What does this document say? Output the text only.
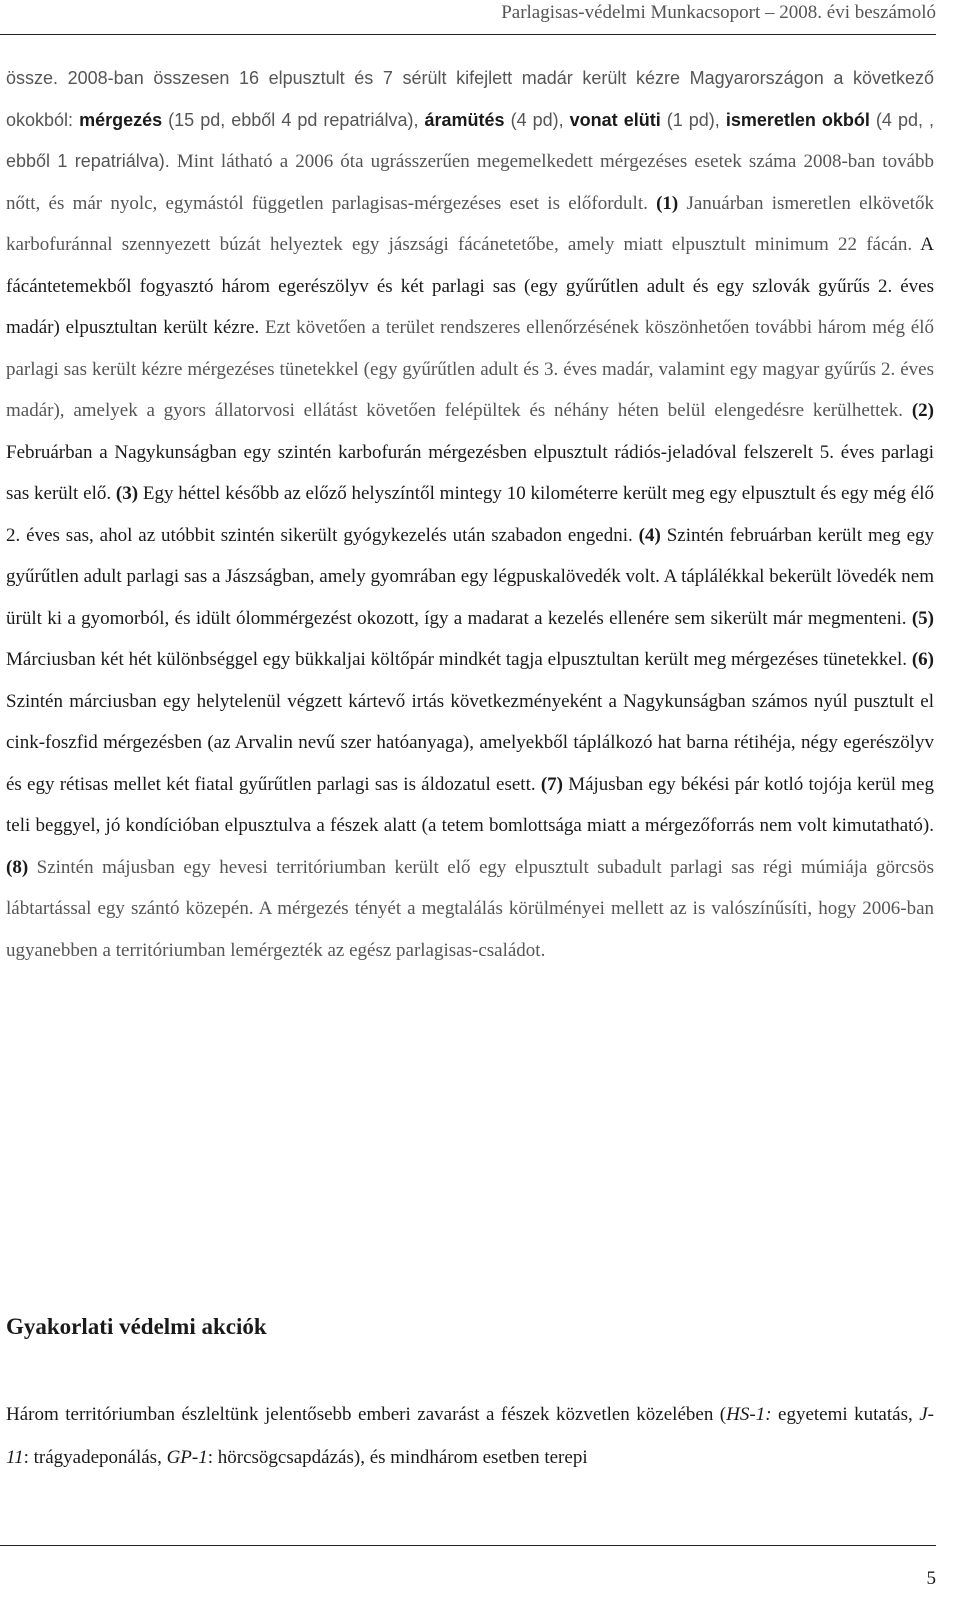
Parlagisas-védelmi Munkacsoport – 2008. évi beszámoló

össze. 2008-ban összesen 16 elpusztult és 7 sérült kifejlett madár került kézre Magyarországon a következő okokból: mérgezés (15 pd, ebből 4 pd repatriálva), áramütés (4 pd), vonat elüti (1 pd), ismeretlen okból (4 pd, , ebből 1 repatriálva). Mint látható a 2006 óta ugrásszerűen megemelkedett mérgezéses esetek száma 2008-ban tovább nőtt, és már nyolc, egymástól független parlagisas-mérgezéses eset is előfordult. (1) Januárban ismeretlen elkövetők karbofuránnal szennyezett búzát helyeztek egy jászsági fácánetetőbe, amely miatt elpusztult minimum 22 fácán. A fácántetemekből fogyasztó három egerészölyv és két parlagi sas (egy gyűrűtlen adult és egy szlovák gyűrűs 2. éves madár) elpusztultan került kézre. Ezt követően a terület rendszeres ellenőrzésének köszönhetően további három még élő parlagi sas került kézre mérgezéses tünetekkel (egy gyűrűtlen adult és 3. éves madár, valamint egy magyar gyűrűs 2. éves madár), amelyek a gyors állatorvosi ellátást követően felépültek és néhány héten belül elengedésre kerülhettek. (2) Februárban a Nagykunságban egy szintén karbofurán mérgezésben elpusztult rádiós-jeladóval felszerelt 5. éves parlagi sas került elő. (3) Egy héttel később az előző helyszíntől mintegy 10 kilométerre került meg egy elpusztult és egy még élő 2. éves sas, ahol az utóbbit szintén sikerült gyógykezelés után szabadon engedni. (4) Szintén februárban került meg egy gyűrűtlen adult parlagi sas a Jászságban, amely gyomrában egy légpuskalövedék volt. A táplálékkal bekerült lövedék nem ürült ki a gyomorból, és idült ólommérgezést okozott, így a madarat a kezelés ellenére sem sikerült már megmenteni. (5) Márciusban két hét különbséggel egy bükkaljai költőpár mindkét tagja elpusztultan került meg mérgezéses tünetekkel. (6) Szintén márciusban egy helytelenül végzett kártevő irtás következményeként a Nagykunságban számos nyúl pusztult el cink-foszfid mérgezésben (az Arvalin nevű szer hatóanyaga), amelyekből táplálkozó hat barna rétihéja, négy egerészölyv és egy rétisas mellet két fiatal gyűrűtlen parlagi sas is áldozatul esett. (7) Májusban egy békési pár kotló tojója kerül meg teli beggyel, jó kondícióban elpusztulva a fészek alatt (a tetem bomlottsága miatt a mérgezőforrás nem volt kimutatható). (8) Szintén májusban egy hevesi territóriumban került elő egy elpusztult subadult parlagi sas régi múmiája görcsös lábtartással egy szántó közepén. A mérgezés tényét a megtalálás körülményei mellett az is valószínűsíti, hogy 2006-ban ugyanebben a territóriumban lemérgezték az egész parlagisas-családot.

Gyakorlati védelmi akciók

Három territóriumban észleltünk jelentősebb emberi zavarást a fészek közvetlen közelében (HS-1: egyetemi kutatás, J-11: trágyadeponálás, GP-1: hörcsögcsapdázás), és mindhárom esetben terepi

5
